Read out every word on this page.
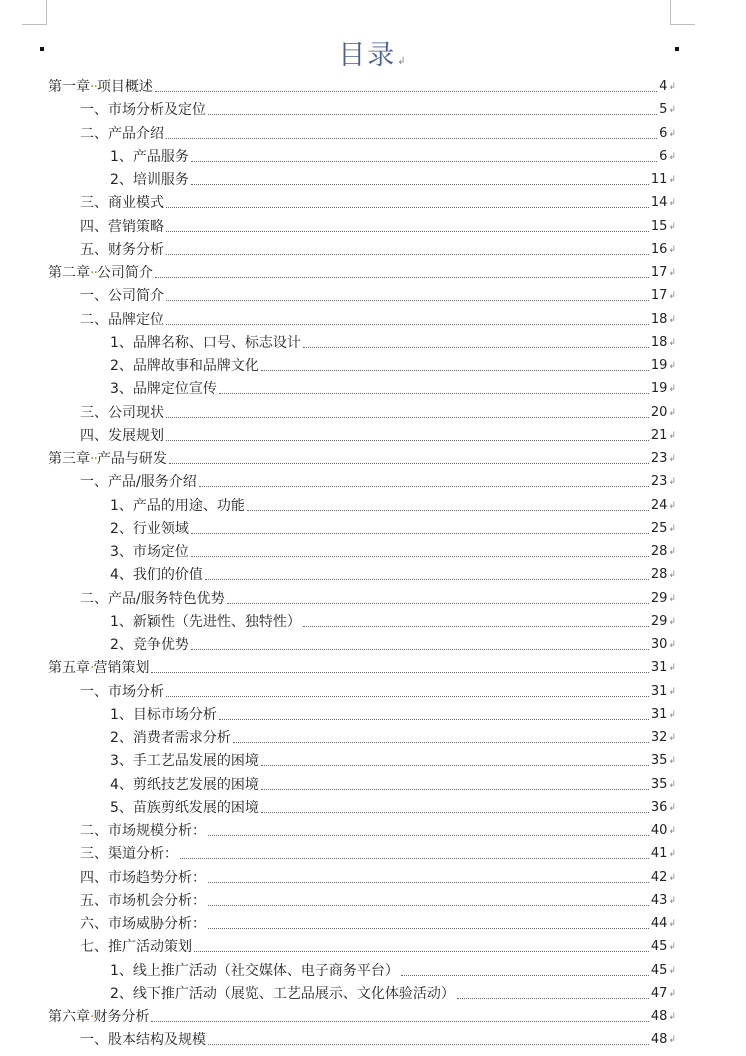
目录↲
第一章··项目概述	4 ↲
一、市场分析及定位	5 ↲
二、产品介绍	6 ↲
1、产品服务	6 ↲
2、培训服务	11 ↲
三、商业模式	14 ↲
四、营销策略	15 ↲
五、财务分析	16 ↲
第二章··公司简介	17 ↲
一、公司简介	17 ↲
二、品牌定位	18 ↲
1、品牌名称、口号、标志设计	18 ↲
2、品牌故事和品牌文化	19 ↲
3、品牌定位宣传	19 ↲
三、公司现状	20 ↲
四、发展规划	21 ↲
第三章··产品与研发	23 ↲
一、产品/服务介绍	23 ↲
1、产品的用途、功能	24 ↲
2、行业领域	25 ↲
3、市场定位	28 ↲
4、我们的价值	28 ↲
二、产品/服务特色优势	29 ↲
1、新颖性（先进性、独特性）	29 ↲
2、竞争优势	30 ↲
第五章·营销策划	31 ↲
一、市场分析	31 ↲
1、目标市场分析	31 ↲
2、消费者需求分析	32 ↲
3、手工艺品发展的困境	35 ↲
4、剪纸技艺发展的困境	35 ↲
5、苗族剪纸发展的困境	36 ↲
二、市场规模分析：	40 ↲
三、渠道分析：	41 ↲
四、市场趋势分析：	42 ↲
五、市场机会分析：	43 ↲
六、市场威胁分析：	44 ↲
七、推广活动策划	45 ↲
1、线上推广活动（社交媒体、电子商务平台）	45 ↲
2、线下推广活动（展览、工艺品展示、文化体验活动）	47 ↲
第六章·财务分析	48 ↲
一、股本结构及规模	48 ↲
